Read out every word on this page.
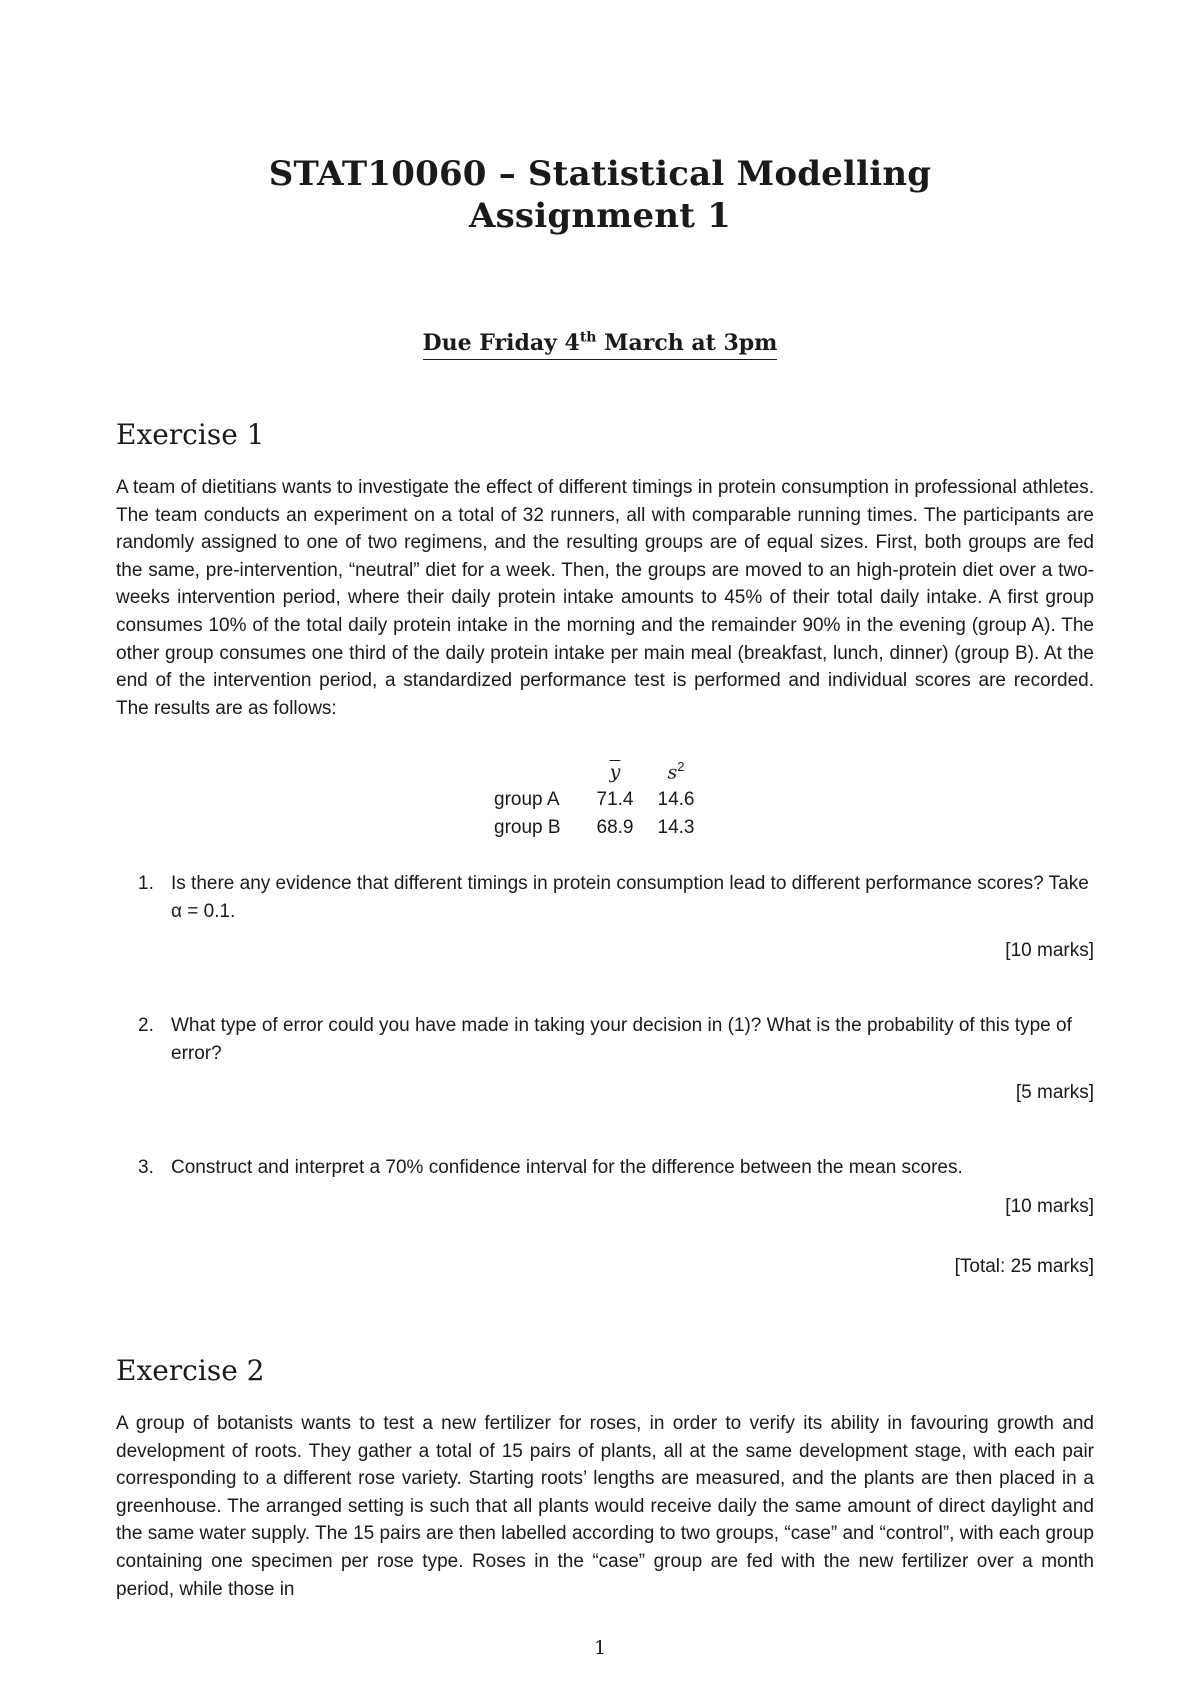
STAT10060 – Statistical Modelling
Assignment 1
Due Friday 4th March at 3pm
Exercise 1

A team of dietitians wants to investigate the effect of different timings in protein consumption in professional athletes. The team conducts an experiment on a total of 32 runners, all with comparable running times. The participants are randomly assigned to one of two regimens, and the resulting groups are of equal sizes. First, both groups are fed the same, pre-intervention, “neutral” diet for a week. Then, the groups are moved to an high-protein diet over a two-weeks intervention period, where their daily protein intake amounts to 45% of their total daily intake. A first group consumes 10% of the total daily protein intake in the morning and the remainder 90% in the evening (group A). The other group consumes one third of the daily protein intake per main meal (breakfast, lunch, dinner) (group B). At the end of the intervention period, a standardized performance test is performed and individual scores are recorded. The results are as follows:

	$\overline{y}$	$s^2$
group A	71.4	14.6
group B	68.9	14.3
1. Is there any evidence that different timings in protein consumption lead to different performance scores? Take α = 0.1.
[10 marks]
2. What type of error could you have made in taking your decision in (1)? What is the probability of this type of error?
[5 marks]
3. Construct and interpret a 70% confidence interval for the difference between the mean scores.
[10 marks]
[Total: 25 marks]
Exercise 2

A group of botanists wants to test a new fertilizer for roses, in order to verify its ability in favouring growth and development of roots. They gather a total of 15 pairs of plants, all at the same development stage, with each pair corresponding to a different rose variety. Starting roots’ lengths are measured, and the plants are then placed in a greenhouse. The arranged setting is such that all plants would receive daily the same amount of direct daylight and the same water supply. The 15 pairs are then labelled according to two groups, “case” and “control”, with each group containing one specimen per rose type. Roses in the “case” group are fed with the new fertilizer over a month period, while those in

1
